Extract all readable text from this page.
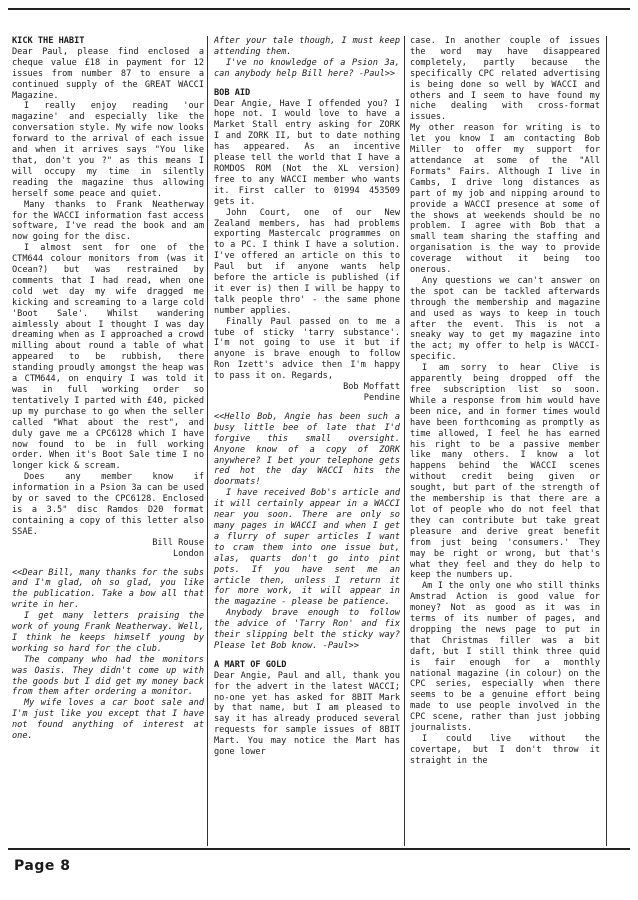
KICK THE HABIT

Dear Paul, please find enclosed a cheque value £18 in payment for 12 issues from number 87 to ensure a continued supply of the GREAT WACCI Magazine.

I really enjoy reading 'our magazine' and especially like the conversation style. My wife now looks forward to the arrival of each issue and when it arrives says "You like that, don't you ?" as this means I will occupy my time in silently reading the magazine thus allowing herself some peace and quiet.

Many thanks to Frank Neatherway for the WACCI information fast access software, I've read the book and am now going for the disc.

I almost sent for one of the CTM644 colour monitors from (was it Ocean?) but was restrained by comments that I had read, when one cold wet day my wife dragged me kicking and screaming to a large cold 'Boot Sale'. Whilst wandering aimlessly about I thought I was day dreaming when as I approached a crowd milling about round a table of what appeared to be rubbish, there standing proudly amongst the heap was a CTM644, on enquiry I was told it was in full working order so tentatively I parted with £40, picked up my purchase to go when the seller called "What about the rest", and duly gave me a CPC6128 which I have now found to be in full working order. When it's Boot Sale time I no longer kick & scream.

Does any member know if information in a Psion 3a can be used by or saved to the CPC6128. Enclosed is a 3.5" disc Ramdos D20 format containing a copy of this letter also SSAE.

Bill Rouse

London

<<Dear Bill, many thanks for the subs and I'm glad, oh so glad, you like the publication. Take a bow all that write in her.

I get many letters praising the work of young Frank Neatherway. Well, I think he keeps himself young by working so hard for the club.

The company who had the monitors was Oasis. They didn't come up with the goods but I did get my money back from them after ordering a monitor.

My wife loves a car boot sale and I'm just like you except that I have not found anything of interest at one.

After your tale though, I must keep attending them.

I've no knowledge of a Psion 3a, can anybody help Bill here? -Paul>>

BOB AID

Dear Angie, Have I offended you? I hope not. I would love to have a Market Stall entry asking for ZORK I and ZORK II, but to date nothing has appeared. As an incentive please tell the world that I have a ROMDOS ROM (Not the XL version) free to any WACCI member who wants it. First caller to 01994 453509 gets it.

John Court, one of our New Zealand members, has had problems exporting Mastercalc programmes on to a PC. I think I have a solution. I've offered an article on this to Paul but if anyone wants help before the article is published (if it ever is) then I will be happy to talk people thro' - the same phone number applies.

Finally Paul passed on to me a tube of sticky 'tarry substance'. I'm not going to use it but if anyone is brave enough to follow Ron Izett's advice then I'm happy to pass it on. Regards,

Bob Moffatt

Pendine

<<Hello Bob, Angie has been such a busy little bee of late that I'd forgive this small oversight. Anyone know of a copy of ZORK anywhere? I bet your telephone gets red hot the day WACCI hits the doormats!

I have received Bob's article and it will certainly appear in a WACCI near you soon. There are only so many pages in WACCI and when I get a flurry of super articles I want to cram them into one issue but, alas, quarts don't go into pint pots. If you have sent me an article then, unless I return it for more work, it will appear in the magazine - please be patience.

Anybody brave enough to follow the advice of 'Tarry Ron' and fix their slipping belt the sticky way? Please let Bob know. -Paul>>

A MART OF GOLD

Dear Angie, Paul and all, thank you for the advert in the latest WACCI; no-one yet has asked for 8BIT Mark by that name, but I am pleased to say it has already produced several requests for sample issues of 8BIT Mart. You may notice the Mart has gone lower

case. In another couple of issues the word may have disappeared completely, partly because the specifically CPC related advertising is being done so well by WACCI and others and I seem to have found my niche dealing with cross-format issues.

My other reason for writing is to let you know I am contacting Bob Miller to offer my support for attendance at some of the "All Formats" Fairs. Although I live in Cambs, I drive long distances as part of my job and nipping around to provide a WACCI presence at some of the shows at weekends should be no problem. I agree with Bob that a small team sharing the staffing and organisation is the way to provide coverage without it being too onerous.

Any questions we can't answer on the spot can be tackled afterwards through the membership and magazine and used as ways to keep in touch after the event. This is not a sneaky way to get my magazine into the act; my offer to help is WACCI-specific.

I am sorry to hear Clive is apparently being dropped off the free subscription list so soon. While a response from him would have been nice, and in former times would have been forthcoming as promptly as time allowed, I feel he has earned his right to be a passive member like many others. I know a lot happens behind the WACCI scenes without credit being given or sought, but part of the strength of the membership is that there are a lot of people who do not feel that they can contribute but take great pleasure and derive great benefit from just being 'consumers.' They may be right or wrong, but that's what they feel and they do help to keep the numbers up.

Am I the only one who still thinks Amstrad Action is good value for money? Not as good as it was in terms of its number of pages, and dropping the news page to put in that Christmas filler was a bit daft, but I still think three quid is fair enough for a monthly national magazine (in colour) on the CPC series, especially when there seems to be a genuine effort being made to use people involved in the CPC scene, rather than just jobbing journalists.

I could live without the covertape, but I don't throw it straight in the

Page 8
